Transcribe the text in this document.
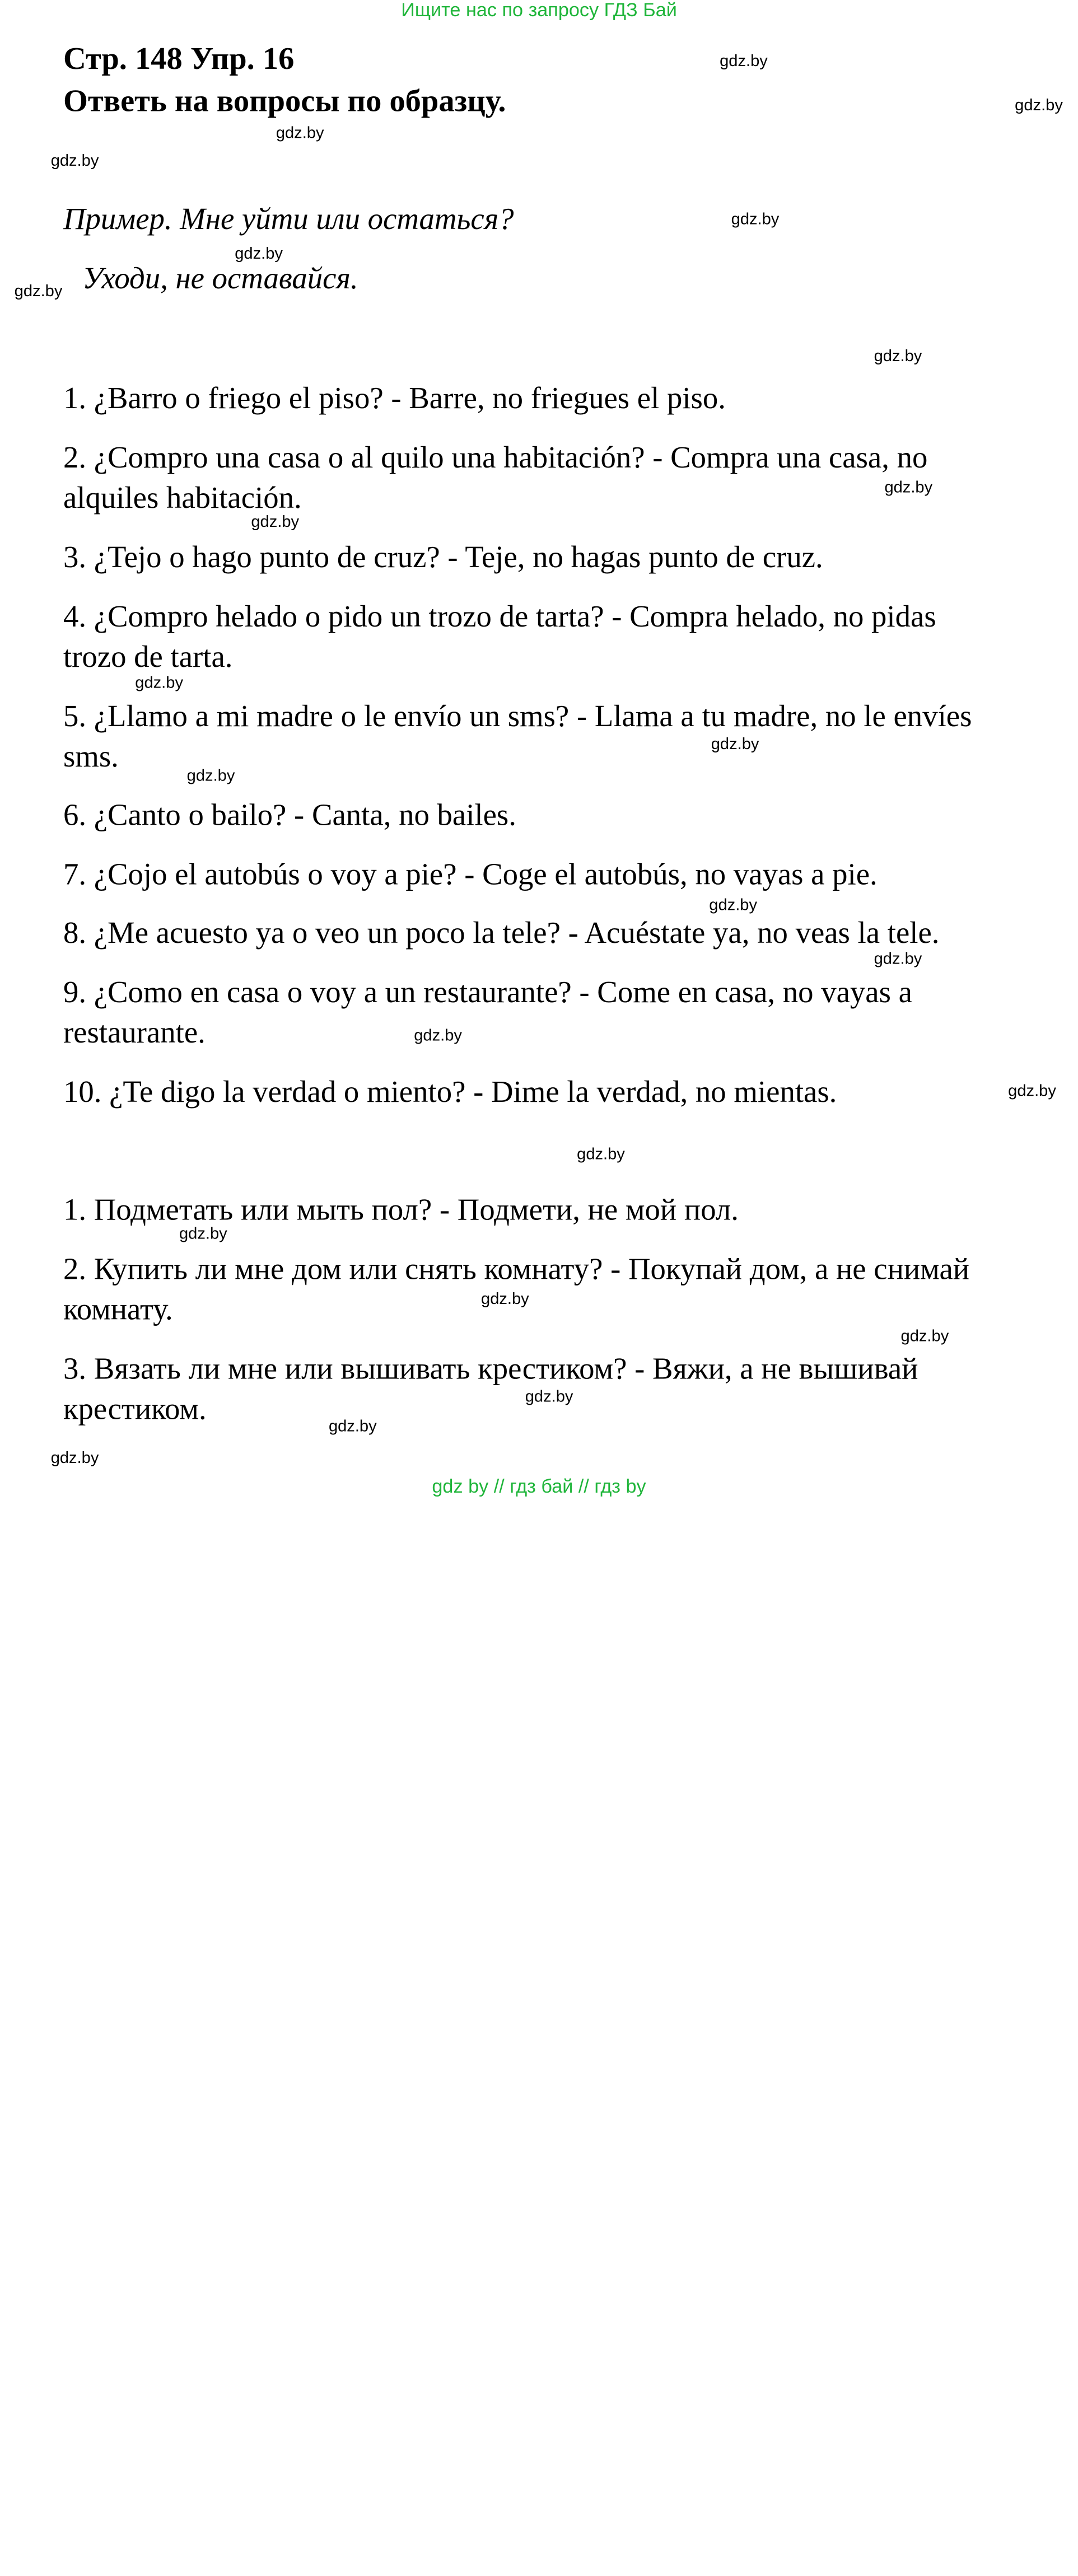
Ищите нас по запросу ГДЗ Бай
Стр. 148 Упр. 16
Ответь на вопросы по образцу.
Пример. Мне уйти или остаться?
Уходи, не оставайся.
1. ¿Barro o friego el piso? - Barre, no friegues el piso.
2. ¿Compro una casa o al quilo una habitación? - Compra una casa, no
alquiles habitación.
3. ¿Tejo o hago punto de cruz? - Teje, no hagas punto de cruz.
4. ¿Compro helado o pido un trozo de tarta? - Compra helado, no pidas
trozo de tarta.
5. ¿Llamo a mi madre o le envío un sms? - Llama a tu madre, no le envíes
sms.
6. ¿Canto o bailo? - Canta, no bailes.
7. ¿Cojo el autobús o voy a pie? - Coge el autobús, no vayas a pie.
8. ¿Me acuesto ya o veo un poco la tele? - Acuéstate ya, no veas la tele.
9. ¿Como en casa o voy a un restaurante? - Come en casa, no vayas a
restaurante.
10. ¿Te digo la verdad o miento? - Dime la verdad, no mientas.
1. Подметать или мыть пол? - Подмети, не мой пол.
2. Купить ли мне дом или снять комнату? - Покупай дом, а не снимай
комнату.
3. Вязать ли мне или вышивать крестиком? - Вяжи, а не вышивай
крестиком.
gdz.by
gdz.by
gdz.by
gdz.by
gdz.by
gdz.by
gdz.by
gdz.by
gdz.by
gdz.by
gdz.by
gdz.by
gdz.by
gdz.by
gdz.by
gdz.by
gdz.by
gdz.by
gdz.by
gdz.by
gdz.by
gdz.by
gdz.by
gdz.by
gdz by // гдз бай // гдз by
